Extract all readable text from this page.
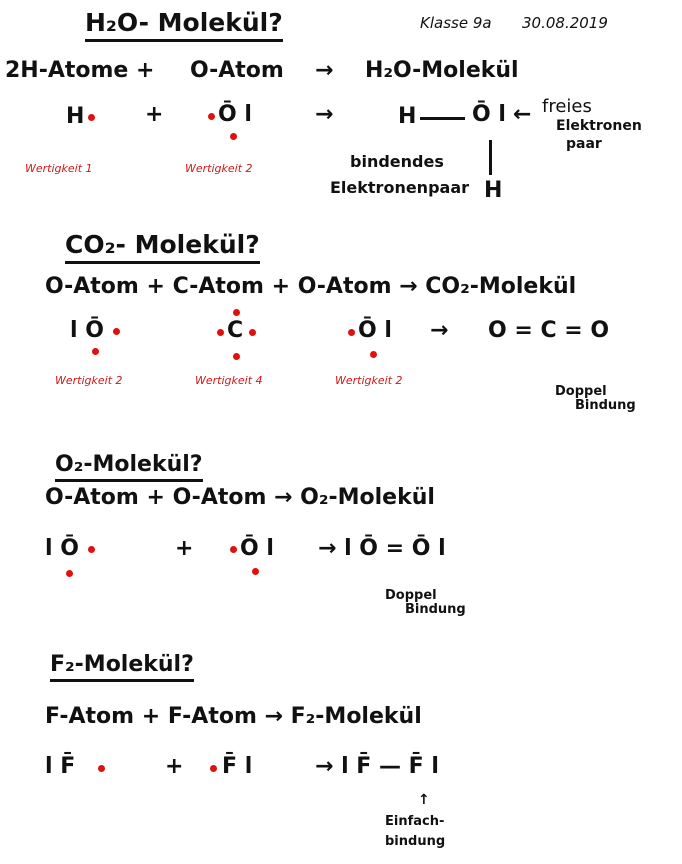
Klasse 9a 30.08.2019
H₂O- Molekül?
2H-Atome + O-Atom → H₂O-Molekül
H	+ Ō l	→	H	Ō l ←
H
freies
Elektronen
paar
bindendes
Elektronenpaar
Wertigkeit 1	Wertigkeit 2
CO₂- Molekül?
O-Atom + C-Atom + O-Atom → CO₂-Molekül
l Ō	C	Ō l → O = C = O
Wertigkeit 2	Wertigkeit 4	Wertigkeit 2
Doppel
Bindung
O₂-Molekül?
O-Atom + O-Atom → O₂-Molekül
l Ō	+ Ō l → l Ō = Ō l
Doppel
Bindung
F₂-Molekül?
F-Atom + F-Atom → F₂-Molekül
l F̄	+ F̄ l	→ l F̄ — F̄ l
↑
Einfach-
bindung
